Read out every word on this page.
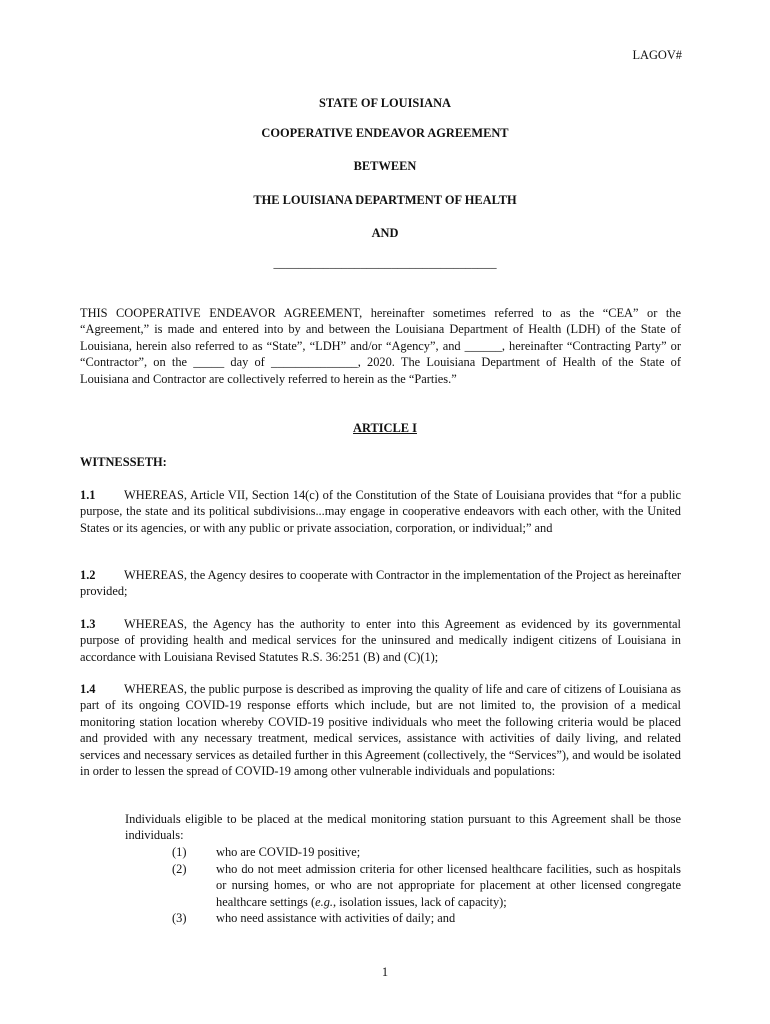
LAGOV#
STATE OF LOUISIANA
COOPERATIVE ENDEAVOR AGREEMENT
BETWEEN
THE LOUISIANA DEPARTMENT OF HEALTH
AND
____________________________________
THIS COOPERATIVE ENDEAVOR AGREEMENT, hereinafter sometimes referred to as the “CEA” or the “Agreement,” is made and entered into by and between the Louisiana Department of Health (LDH) of the State of Louisiana, herein also referred to as “State”, “LDH” and/or “Agency”, and ______, hereinafter “Contracting Party” or “Contractor”, on the _____ day of ______________, 2020. The Louisiana Department of Health of the State of Louisiana and Contractor are collectively referred to herein as the “Parties.”
ARTICLE I
WITNESSETH:
1.1 WHEREAS, Article VII, Section 14(c) of the Constitution of the State of Louisiana provides that “for a public purpose, the state and its political subdivisions...may engage in cooperative endeavors with each other, with the United States or its agencies, or with any public or private association, corporation, or individual;” and
1.2 WHEREAS, the Agency desires to cooperate with Contractor in the implementation of the Project as hereinafter provided;
1.3 WHEREAS, the Agency has the authority to enter into this Agreement as evidenced by its governmental purpose of providing health and medical services for the uninsured and medically indigent citizens of Louisiana in accordance with Louisiana Revised Statutes R.S. 36:251 (B) and (C)(1);
1.4 WHEREAS, the public purpose is described as improving the quality of life and care of citizens of Louisiana as part of its ongoing COVID-19 response efforts which include, but are not limited to, the provision of a medical monitoring station location whereby COVID-19 positive individuals who meet the following criteria would be placed and provided with any necessary treatment, medical services, assistance with activities of daily living, and related services and necessary services as detailed further in this Agreement (collectively, the “Services”), and would be isolated in order to lessen the spread of COVID-19 among other vulnerable individuals and populations:
Individuals eligible to be placed at the medical monitoring station pursuant to this Agreement shall be those individuals:
(1)	who are COVID-19 positive;
(2)	who do not meet admission criteria for other licensed healthcare facilities, such as hospitals or nursing homes, or who are not appropriate for placement at other licensed congregate healthcare settings (e.g., isolation issues, lack of capacity);
(3)	who need assistance with activities of daily; and
1
